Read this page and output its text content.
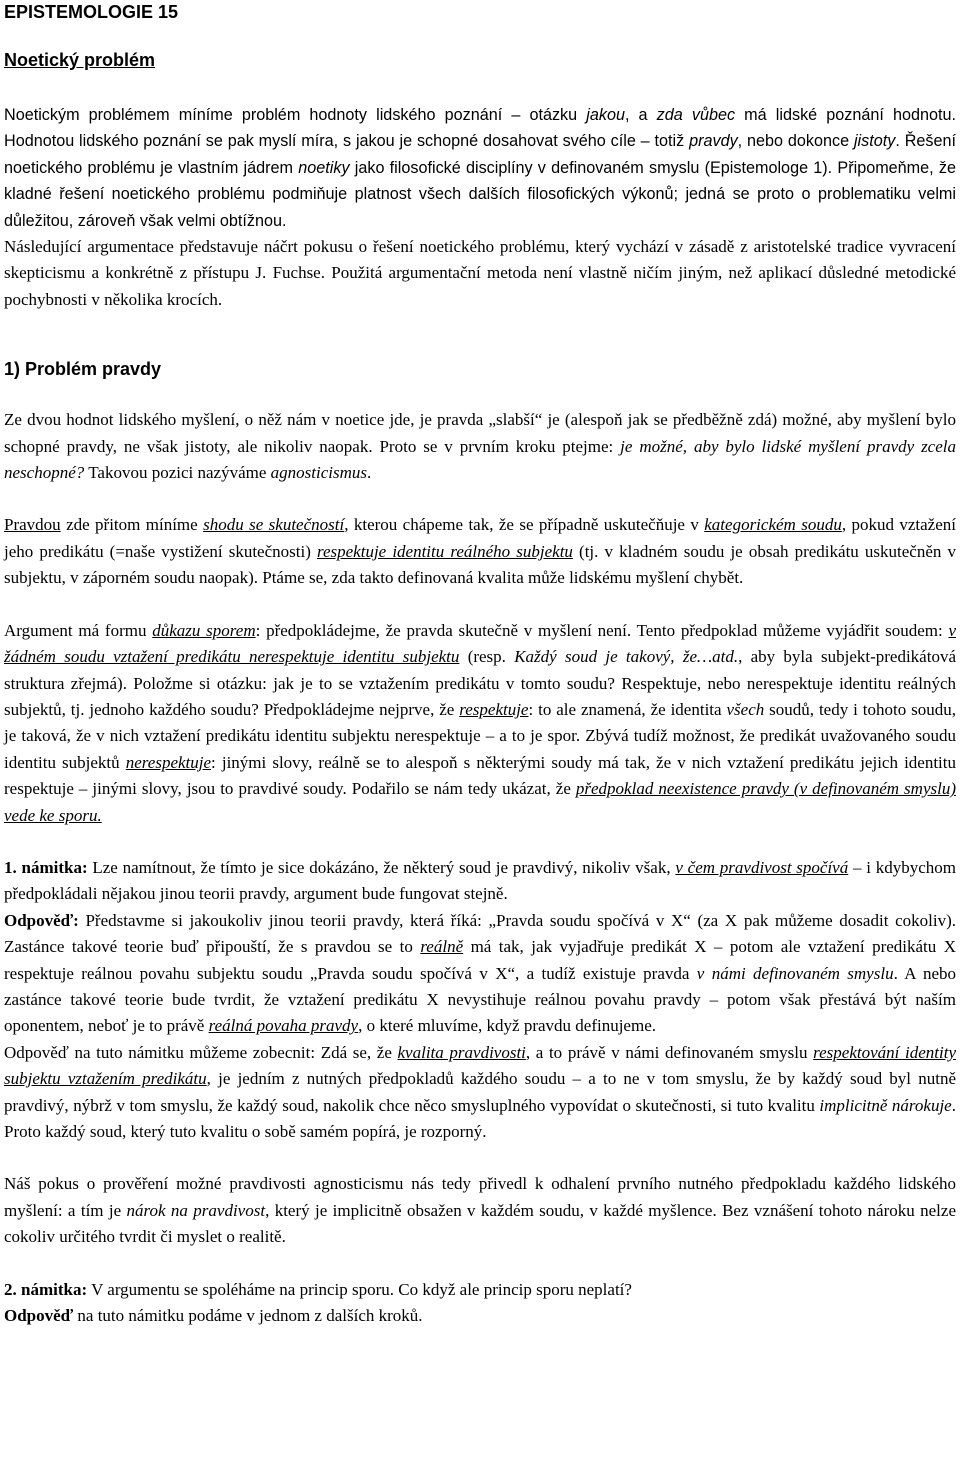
EPISTEMOLOGIE 15
Noetický problém

Noetickým problémem míníme problém hodnoty lidského poznání – otázku jakou, a zda vůbec má lidské poznání hodnotu. Hodnotou lidského poznání se pak myslí míra, s jakou je schopné dosahovat svého cíle – totiž pravdy, nebo dokonce jistoty. Řešení noetického problému je vlastním jádrem noetiky jako filosofické disciplíny v definovaném smyslu (Epistemologe 1). Připomeňme, že kladné řešení noetického problému podmiňuje platnost všech dalších filosofických výkonů; jedná se proto o problematiku velmi důležitou, zároveň však velmi obtížnou.

Následující argumentace představuje náčrt pokusu o řešení noetického problému, který vychází v zásadě z aristotelské tradice vyvracení skepticismu a konkrétně z přístupu J. Fuchse. Použitá argumentační metoda není vlastně ničím jiným, než aplikací důsledné metodické pochybnosti v několika krocích.

1) Problém pravdy

Ze dvou hodnot lidského myšlení, o něž nám v noetice jde, je pravda „slabší“ je (alespoň jak se předběžně zdá) možné, aby myšlení bylo schopné pravdy, ne však jistoty, ale nikoliv naopak. Proto se v prvním kroku ptejme: je možné, aby bylo lidské myšlení pravdy zcela neschopné? Takovou pozici nazýváme agnosticismus.

Pravdou zde přitom míníme shodu se skutečností, kterou chápeme tak, že se případně uskutečňuje v kategorickém soudu, pokud vztažení jeho predikátu (=naše vystižení skutečnosti) respektuje identitu reálného subjektu (tj. v kladném soudu je obsah predikátu uskutečněn v subjektu, v záporném soudu naopak). Ptáme se, zda takto definovaná kvalita může lidskému myšlení chybět.

Argument má formu důkazu sporem: předpokládejme, že pravda skutečně v myšlení není. Tento předpoklad můžeme vyjádřit soudem: v žádném soudu vztažení predikátu nerespektuje identitu subjektu (resp. Každý soud je takový, že…atd., aby byla subjekt-predikátová struktura zřejmá). Položme si otázku: jak je to se vztažením predikátu v tomto soudu? Respektuje, nebo nerespektuje identitu reálných subjektů, tj. jednoho každého soudu? Předpokládejme nejprve, že respektuje: to ale znamená, že identita všech soudů, tedy i tohoto soudu, je taková, že v nich vztažení predikátu identitu subjektu nerespektuje – a to je spor. Zbývá tudíž možnost, že predikát uvažovaného soudu identitu subjektů nerespektuje: jinými slovy, reálně se to alespoň s některými soudy má tak, že v nich vztažení predikátu jejich identitu respektuje – jinými slovy, jsou to pravdivé soudy. Podařilo se nám tedy ukázat, že předpoklad neexistence pravdy (v definovaném smyslu) vede ke sporu.

1. námitka: Lze namítnout, že tímto je sice dokázáno, že některý soud je pravdivý, nikoliv však, v čem pravdivost spočívá – i kdybychom předpokládali nějakou jinou teorii pravdy, argument bude fungovat stejně.

Odpověď: Představme si jakoukoliv jinou teorii pravdy, která říká: „Pravda soudu spočívá v X“ (za X pak můžeme dosadit cokoliv). Zastánce takové teorie buď připouští, že s pravdou se to reálně má tak, jak vyjadřuje predikát X – potom ale vztažení predikátu X respektuje reálnou povahu subjektu soudu „Pravda soudu spočívá v X“, a tudíž existuje pravda v námi definovaném smyslu. A nebo zastánce takové teorie bude tvrdit, že vztažení predikátu X nevystihuje reálnou povahu pravdy – potom však přestává být naším oponentem, neboť je to právě reálná povaha pravdy, o které mluvíme, když pravdu definujeme.

Odpověď na tuto námitku můžeme zobecnit: Zdá se, že kvalita pravdivosti, a to právě v námi definovaném smyslu respektování identity subjektu vztažením predikátu, je jedním z nutných předpokladů každého soudu – a to ne v tom smyslu, že by každý soud byl nutně pravdivý, nýbrž v tom smyslu, že každý soud, nakolik chce něco smysluplného vypovídat o skutečnosti, si tuto kvalitu implicitně nárokuje. Proto každý soud, který tuto kvalitu o sobě samém popírá, je rozporný.

Náš pokus o prověření možné pravdivosti agnosticismu nás tedy přivedl k odhalení prvního nutného předpokladu každého lidského myšlení: a tím je nárok na pravdivost, který je implicitně obsažen v každém soudu, v každé myšlence. Bez vznášení tohoto nároku nelze cokoliv určitého tvrdit či myslet o realitě.

2. námitka: V argumentu se spoléháme na princip sporu. Co když ale princip sporu neplatí?

Odpověď na tuto námitku podáme v jednom z dalších kroků.
